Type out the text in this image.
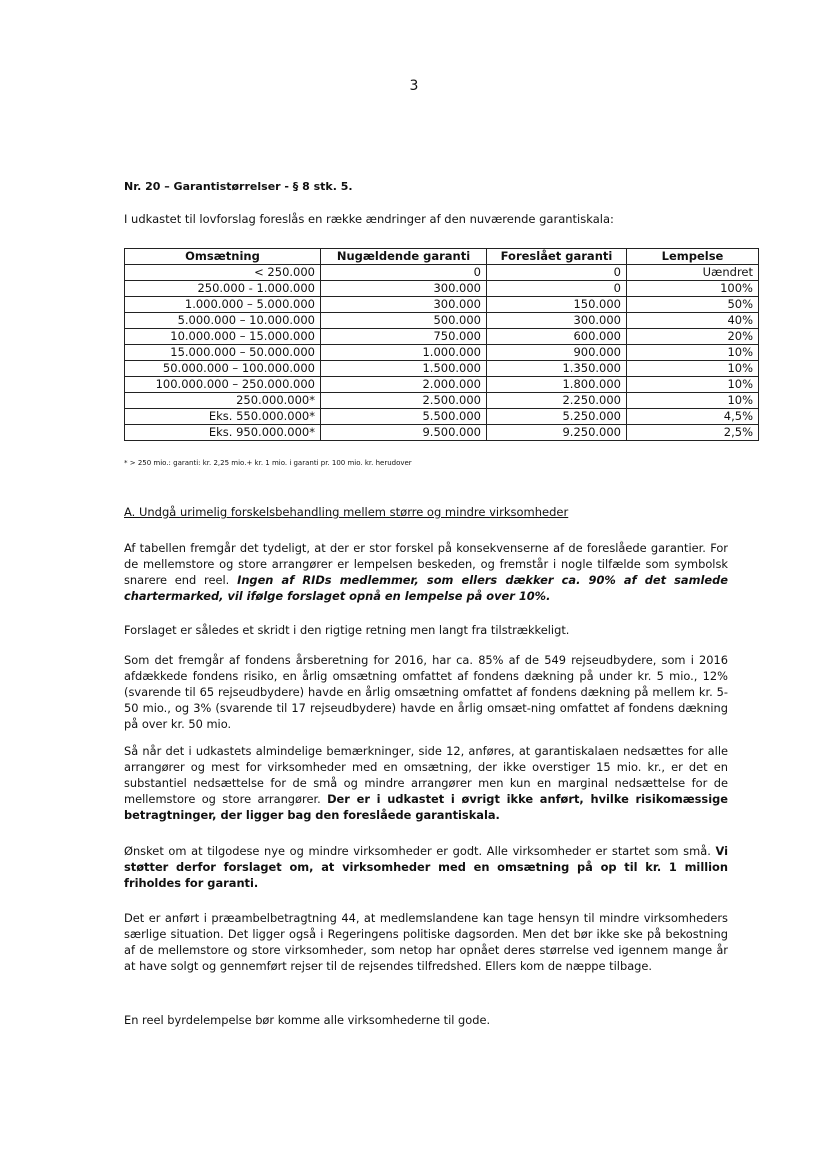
3
Nr. 20 – Garantistørrelser - § 8 stk. 5.
I udkastet til lovforslag foreslås en række ændringer af den nuværende garantiskala:
Omsætning	Nugældende garanti	Foreslået garanti	Lempelse
< 250.000	0	0	Uændret
250.000 - 1.000.000	300.000	0	100%
1.000.000 – 5.000.000	300.000	150.000	50%
5.000.000 – 10.000.000	500.000	300.000	40%
10.000.000 – 15.000.000	750.000	600.000	20%
15.000.000 – 50.000.000	1.000.000	900.000	10%
50.000.000 – 100.000.000	1.500.000	1.350.000	10%
100.000.000 – 250.000.000	2.000.000	1.800.000	10%
250.000.000*	2.500.000	2.250.000	10%
Eks. 550.000.000*	5.500.000	5.250.000	4,5%
Eks. 950.000.000*	9.500.000	9.250.000	2,5%
* > 250 mio.: garanti: kr. 2,25 mio.+ kr. 1 mio. i garanti pr. 100 mio. kr. herudover
A. Undgå urimelig forskelsbehandling mellem større og mindre virksomheder
Af tabellen fremgår det tydeligt, at der er stor forskel på konsekvenserne af de foreslåede garantier. For de mellemstore og store arrangører er lempelsen beskeden, og fremstår i nogle tilfælde som symbolsk snarere end reel. Ingen af RIDs medlemmer, som ellers dækker ca. 90% af det samlede chartermarked, vil ifølge forslaget opnå en lempelse på over 10%.
Forslaget er således et skridt i den rigtige retning men langt fra tilstrækkeligt.
Som det fremgår af fondens årsberetning for 2016, har ca. 85% af de 549 rejseudbydere, som i 2016 afdækkede fondens risiko, en årlig omsætning omfattet af fondens dækning på under kr. 5 mio., 12% (svarende til 65 rejseudbydere) havde en årlig omsætning omfattet af fondens dækning på mellem kr. 5-50 mio., og 3% (svarende til 17 rejseudbydere) havde en årlig omsæt-ning omfattet af fondens dækning på over kr. 50 mio.
Så når det i udkastets almindelige bemærkninger, side 12, anføres, at garantiskalaen nedsættes for alle arrangører og mest for virksomheder med en omsætning, der ikke overstiger 15 mio. kr., er det en substantiel nedsættelse for de små og mindre arrangører men kun en marginal nedsættelse for de mellemstore og store arrangører. Der er i udkastet i øvrigt ikke anført, hvilke risikomæssige betragtninger, der ligger bag den foreslåede garantiskala.
Ønsket om at tilgodese nye og mindre virksomheder er godt. Alle virksomheder er startet som små. Vi støtter derfor forslaget om, at virksomheder med en omsætning på op til kr. 1 million friholdes for garanti.
Det er anført i præambelbetragtning 44, at medlemslandene kan tage hensyn til mindre virksomheders særlige situation. Det ligger også i Regeringens politiske dagsorden. Men det bør ikke ske på bekostning af de mellemstore og store virksomheder, som netop har opnået deres størrelse ved igennem mange år at have solgt og gennemført rejser til de rejsendes tilfredshed. Ellers kom de næppe tilbage.
En reel byrdelempelse bør komme alle virksomhederne til gode.
